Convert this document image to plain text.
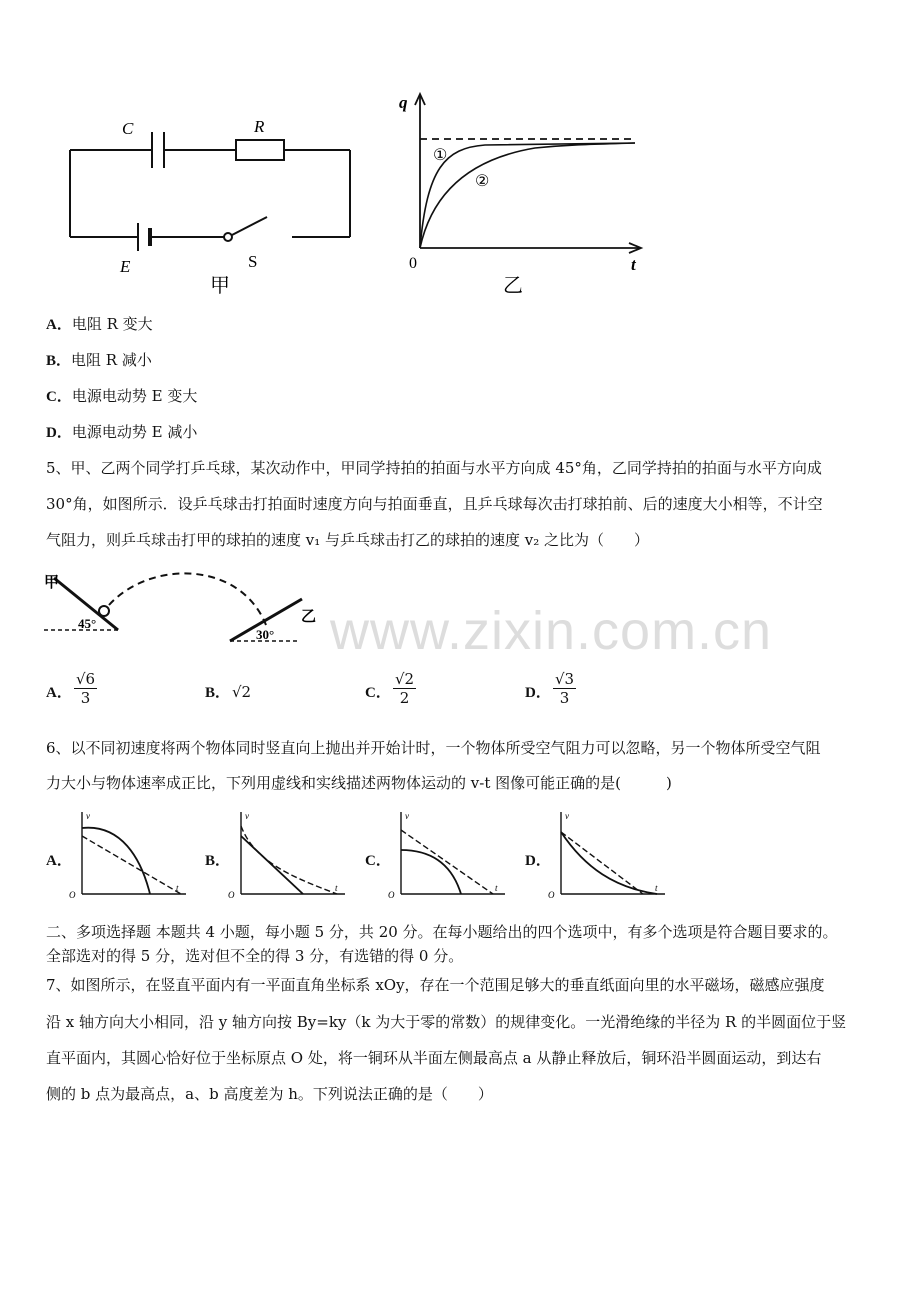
www.zixin.com.cn
C	R
E	S
甲
q
t
0
①
②
乙
A．电阻 R 变大
B．电阻 R 减小
C．电源电动势 E 变大
D．电源电动势 E 减小
5、甲、乙两个同学打乒乓球，某次动作中，甲同学持拍的拍面与水平方向成 45°角，乙同学持拍的拍面与水平方向成
30°角，如图所示．设乒乓球击打拍面时速度方向与拍面垂直，且乒乓球每次击打球拍前、后的速度大小相等，不计空
气阻力，则乒乓球击打甲的球拍的速度 v₁ 与乒乓球击打乙的球拍的速度 v₂ 之比为（　　）
甲
45°	乙
30°
A． $\frac{√6}{3}$	B． √2	C． $\frac{√2}{2}$	D． $\frac{√3}{3}$
6、以不同初速度将两个物体同时竖直向上抛出并开始计时，一个物体所受空气阻力可以忽略，另一个物体所受空气阻
力大小与物体速率成正比，下列用虚线和实线描述两物体运动的 v-t 图像可能正确的是(　　　)
A．	B．	C．	D．
v
t
O
v
t
O
v
t
O
v
t
O
二、多项选择题 本题共 4 小题，每小题 5 分，共 20 分。在每小题给出的四个选项中，有多个选项是符合题目要求的。
全部选对的得 5 分，选对但不全的得 3 分，有选错的得 0 分。
7、如图所示，在竖直平面内有一平面直角坐标系 xOy，存在一个范围足够大的垂直纸面向里的水平磁场，磁感应强度
沿 x 轴方向大小相同，沿 y 轴方向按 By=ky（k 为大于零的常数）的规律变化。一光滑绝缘的半径为 R 的半圆面位于竖
直平面内，其圆心恰好位于坐标原点 O 处，将一铜环从半面左侧最高点 a 从静止释放后，铜环沿半圆面运动，到达右
侧的 b 点为最高点，a、b 高度差为 h。下列说法正确的是（　　）
